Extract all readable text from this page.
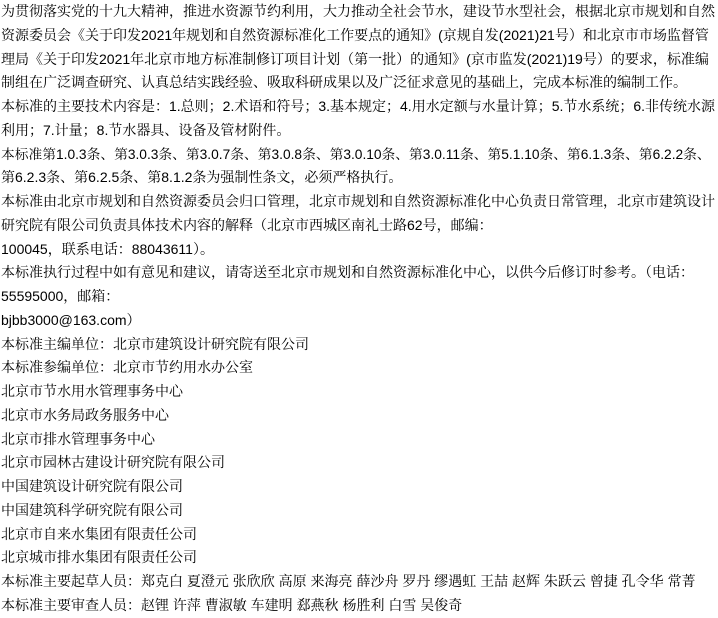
为贯彻落实党的十九大精神，推进水资源节约利用，大力推动全社会节水，建设节水型社会，根据北京市规划和自然
资源委员会《关于印发2021年规划和自然资源标准化工作要点的通知》(京规自发(2021)21号）和北京市市场监督管
理局《关于印发2021年北京市地方标准制修订项目计划（第一批）的通知》(京市监发(2021)19号）的要求，标准编
制组在广泛调查研究、认真总结实践经验、吸取科研成果以及广泛征求意见的基础上，完成本标准的编制工作。
本标准的主要技术内容是：1.总则；2.术语和符号；3.基本规定；4.用水定额与水量计算；5.节水系统；6.非传统水源
利用；7.计量；8.节水器具、设备及管材附件。
本标准第1.0.3条、第3.0.3条、第3.0.7条、第3.0.8条、第3.0.10条、第3.0.11条、第5.1.10条、第6.1.3条、第6.2.2条、
第6.2.3条、第6.2.5条、第8.1.2条为强制性条文，必须严格执行。
本标准由北京市规划和自然资源委员会归口管理，北京市规划和自然资源标准化中心负责日常管理，北京市建筑设计
研究院有限公司负责具体技术内容的解释（北京市西城区南礼士路62号，邮编：
100045，联系电话：88043611）。
本标准执行过程中如有意见和建议，请寄送至北京市规划和自然资源标准化中心，以供今后修订时参考。（电话：
55595000，邮箱：
bjbb3000@163.com）
本标准主编单位：北京市建筑设计研究院有限公司
本标准参编单位：北京市节约用水办公室
北京市节水用水管理事务中心
北京市水务局政务服务中心
北京市排水管理事务中心
北京市园林古建设计研究院有限公司
中国建筑设计研究院有限公司
中国建筑科学研究院有限公司
北京市自来水集团有限责任公司
北京城市排水集团有限责任公司
本标准主要起草人员：郑克白 夏澄元 张欣欣 高原 来海亮 薛沙舟 罗丹 缪遇虹 王喆 赵辉 朱跃云 曾捷 孔令华 常菁
本标准主要审查人员：赵锂 许萍 曹淑敏 车建明 郄燕秋 杨胜利 白雪 吴俊奇
